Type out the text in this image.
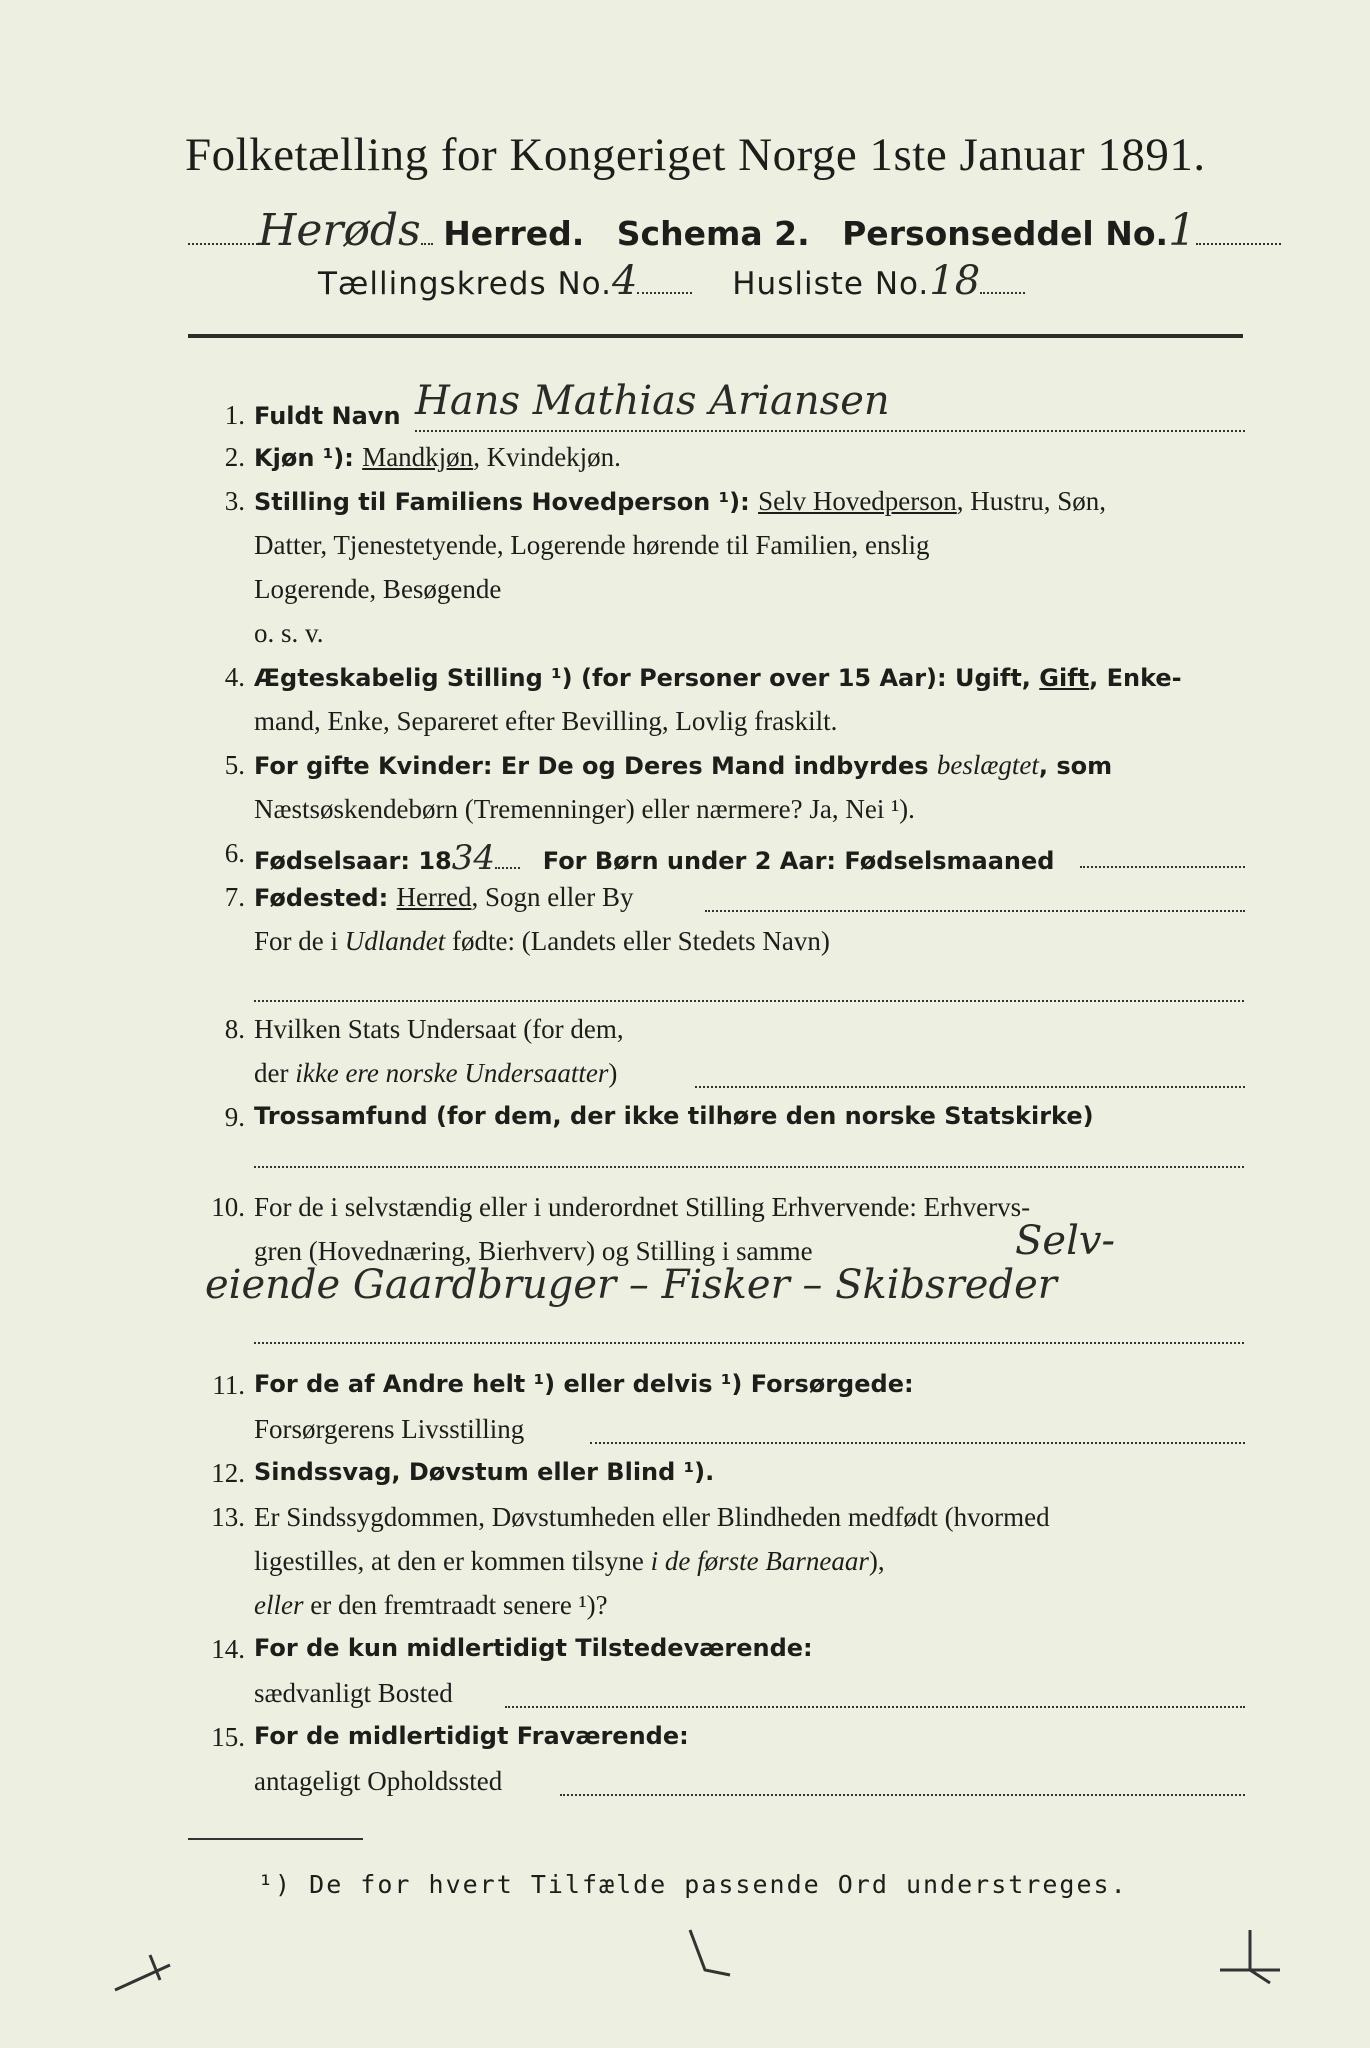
Folketælling for Kongeriget Norge 1ste Januar 1891.
Herøds Herred. Schema 2. Personseddel No.1
Tællingskreds No.4	Husliste No.18
1. Fuldt Navn Hans Mathias Ariansen
2. Kjøn ¹): Mandkjøn, Kvindekjøn.
3. Stilling til Familiens Hovedperson ¹): Selv Hovedperson, Hustru, Søn,
Datter, Tjenestetyende, Logerende hørende til Familien, enslig
Logerende, Besøgende
o. s. v.
4. Ægteskabelig Stilling ¹) (for Personer over 15 Aar): Ugift, Gift, Enke-
mand, Enke, Separeret efter Bevilling, Lovlig fraskilt.
5. For gifte Kvinder: Er De og Deres Mand indbyrdes beslægtet, som
Næstsøskendebørn (Tremenninger) eller nærmere? Ja, Nei ¹).
6. Fødselsaar: 1834 For Børn under 2 Aar: Fødselsmaaned
7. Fødested: Herred, Sogn eller By
For de i Udlandet fødte: (Landets eller Stedets Navn)
8. Hvilken Stats Undersaat (for dem,
der ikke ere norske Undersaatter)
9. Trossamfund (for dem, der ikke tilhøre den norske Statskirke)
10. For de i selvstændig eller i underordnet Stilling Erhvervende: Erhvervs-
gren (Hovednæring, Bierhverv) og Stilling i samme	Selv-
eiende Gaardbruger – Fisker – Skibsreder
11. For de af Andre helt ¹) eller delvis ¹) Forsørgede:
Forsørgerens Livsstilling
12. Sindssvag, Døvstum eller Blind ¹).
13. Er Sindssygdommen, Døvstumheden eller Blindheden medfødt (hvormed
ligestilles, at den er kommen tilsyne i de første Barneaar),
eller er den fremtraadt senere ¹)?
14. For de kun midlertidigt Tilstedeværende:
sædvanligt Bosted
15. For de midlertidigt Fraværende:
antageligt Opholdssted
¹) De for hvert Tilfælde passende Ord understreges.
